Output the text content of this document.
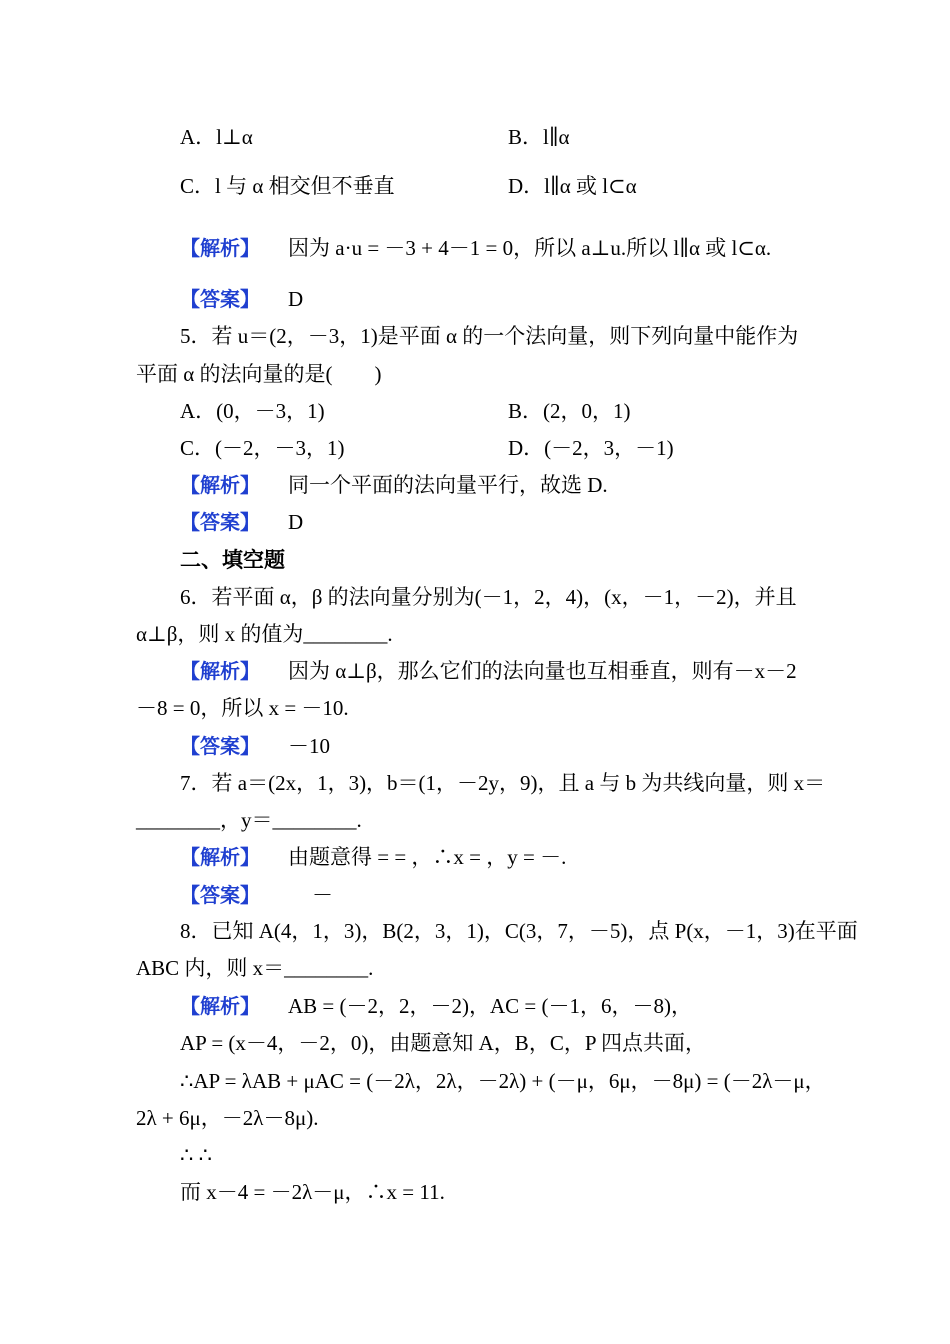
A．l⊥α	B．l∥α
C．l 与 α 相交但不垂直	D．l∥α 或 l⊂α
【解析】 因为 a·u = －3 + 4－1 = 0，所以 a⊥u.所以 l∥α 或 l⊂α.
【答案】 D
5．若 u＝(2，－3，1)是平面 α 的一个法向量，则下列向量中能作为
平面 α 的法向量的是(　　)
A．(0，－3，1)	B．(2，0，1)
C．(－2，－3，1)	D．(－2，3，－1)
【解析】 同一个平面的法向量平行，故选 D.
【答案】 D
二、填空题
6．若平面 α，β 的法向量分别为(－1，2，4)，(x，－1，－2)，并且
α⊥β，则 x 的值为________.
【解析】 因为 α⊥β，那么它们的法向量也互相垂直，则有－x－2
－8 = 0，所以 x = －10.
【答案】 －10
7．若 a＝(2x，1，3)，b＝(1，－2y，9)，且 a 与 b 为共线向量，则 x＝
________，y＝________.
【解析】 由题意得 = = ，∴x = ，y = －.
【答案】 －
8．已知 A(4，1，3)，B(2，3，1)，C(3，7，－5)，点 P(x，－1，3)在平面
ABC 内，则 x＝________.
【解析】 AB = (－2，2，－2)，AC = (－1，6，－8)，
AP = (x－4，－2，0)，由题意知 A，B，C，P 四点共面，
∴AP = λAB + μAC = (－2λ，2λ，－2λ) + (－μ，6μ，－8μ) = (－2λ－μ，
2λ + 6μ，－2λ－8μ).
∴ ∴
而 x－4 = －2λ－μ，∴x = 11.
